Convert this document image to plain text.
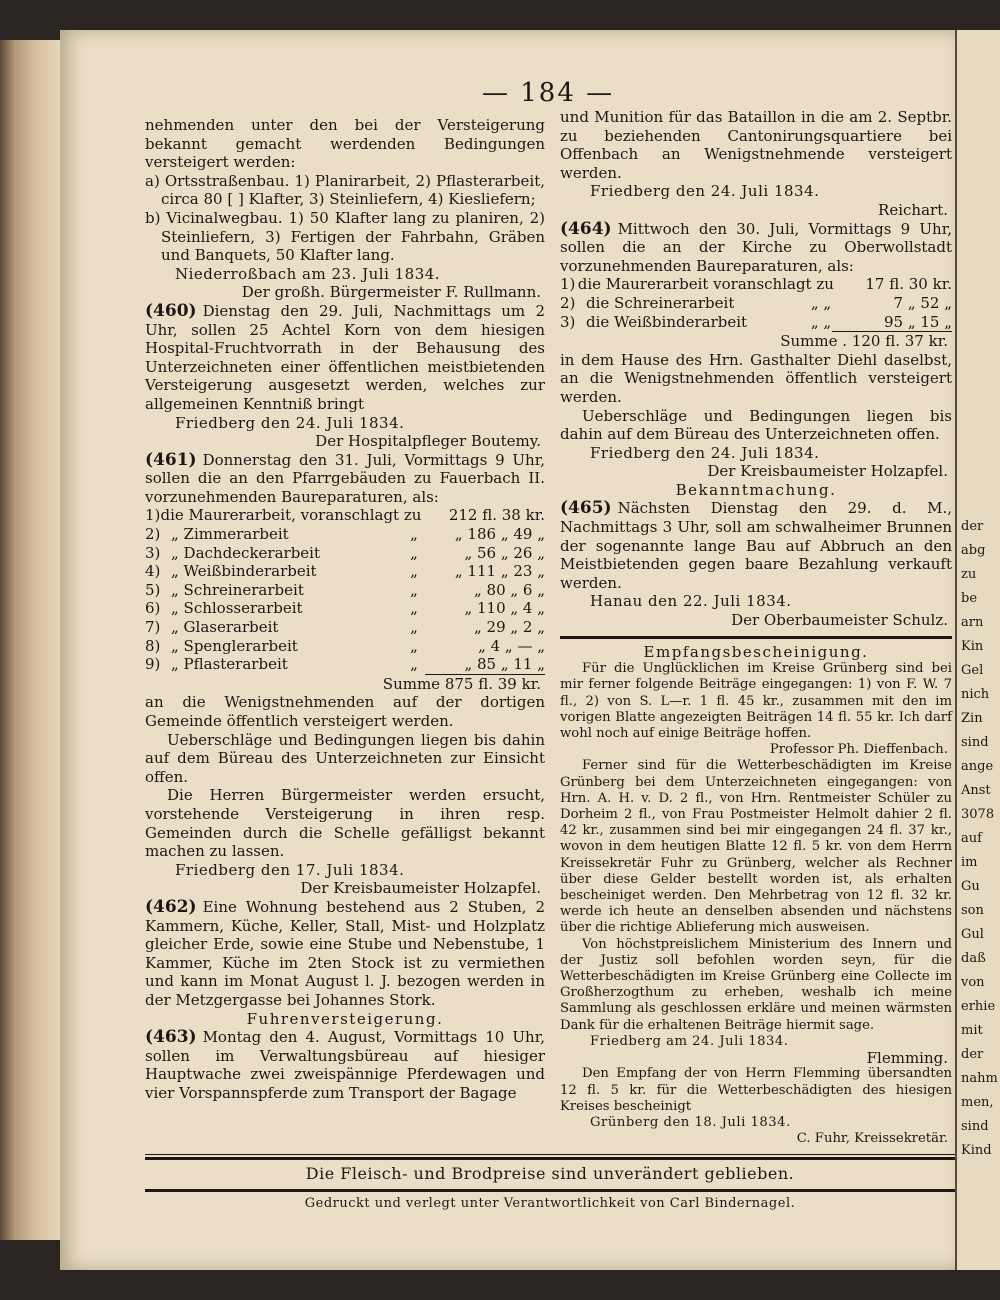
der
abg
zu
be
arn
Kin
Gel
nich
Zin
sind
ange
Anst
3078
auf
im
Gu
son
Gul
daß
von
erhie
mit
der
nahm
men,
sind
Kind
— 184 —

nehmenden unter den bei der Versteigerung bekannt gemacht werdenden Bedingungen versteigert werden:

a) Ortsstraßenbau. 1) Planirarbeit, 2) Pflasterarbeit, circa 80 [ ] Klafter, 3) Steinliefern, 4) Kiesliefern;

b) Vicinalwegbau. 1) 50 Klafter lang zu planiren, 2) Steinliefern, 3) Fertigen der Fahrbahn, Gräben und Banquets, 50 Klafter lang.

Niederroßbach am 23. Juli 1834.

Der großh. Bürgermeister F. Rullmann.

(460) Dienstag den 29. Juli, Nachmittags um 2 Uhr, sollen 25 Achtel Korn von dem hiesigen Hospital-Fruchtvorrath in der Behausung des Unterzeichneten einer öffentlichen meistbietenden Versteigerung ausgesetzt werden, welches zur allgemeinen Kenntniß bringt

Friedberg den 24. Juli 1834.

Der Hospitalpfleger Boutemy.

(461) Donnerstag den 31. Juli, Vormittags 9 Uhr, sollen die an den Pfarrgebäuden zu Fauerbach II. vorzunehmenden Baureparaturen, als:

1) die Maurerarbeit, voranschlagt zu 212 fl. 38 kr.
2) „ Zimmerarbeit	„	„ 186 „ 49 „
3) „ Dachdeckerarbeit	„	„ 56 „ 26 „
4) „ Weißbinderarbeit	„	„ 111 „ 23 „
5) „ Schreinerarbeit	„	„ 80 „ 6 „
6) „ Schlosserarbeit	„	„ 110 „ 4 „
7) „ Glaserarbeit	„	„ 29 „ 2 „
8) „ Spenglerarbeit	„	„ 4 „ — „
9) „ Pflasterarbeit	„	„ 85 „ 11 „

Summe 875 fl. 39 kr.

an die Wenigstnehmenden auf der dortigen Gemeinde öffentlich versteigert werden.

Ueberschläge und Bedingungen liegen bis dahin auf dem Büreau des Unterzeichneten zur Einsicht offen.

Die Herren Bürgermeister werden ersucht, vorstehende Versteigerung in ihren resp. Gemeinden durch die Schelle gefälligst bekannt machen zu lassen.

Friedberg den 17. Juli 1834.

Der Kreisbaumeister Holzapfel.

(462) Eine Wohnung bestehend aus 2 Stuben, 2 Kammern, Küche, Keller, Stall, Mist- und Holzplatz gleicher Erde, sowie eine Stube und Nebenstube, 1 Kammer, Küche im 2ten Stock ist zu vermiethen und kann im Monat August l. J. bezogen werden in der Metzgergasse bei Johannes Stork.

Fuhrenversteigerung.

(463) Montag den 4. August, Vormittags 10 Uhr, sollen im Verwaltungsbüreau auf hiesiger Hauptwache zwei zweispännige Pferdewagen und vier Vorspannspferde zum Transport der Bagage

und Munition für das Bataillon in die am 2. Septbr. zu beziehenden Cantonirungsquartiere bei Offenbach an Wenigstnehmende versteigert werden.

Friedberg den 24. Juli 1834.

Reichart.

(464) Mittwoch den 30. Juli, Vormittags 9 Uhr, sollen die an der Kirche zu Oberwollstadt vorzunehmenden Baureparaturen, als:

1) die Maurerarbeit voranschlagt zu 17 fl. 30 kr.
2) die Schreinerarbeit	„ „	7 „ 52 „
3) die Weißbinderarbeit	„ „	95 „ 15 „

Summe . 120 fl. 37 kr.

in dem Hause des Hrn. Gasthalter Diehl daselbst, an die Wenigstnehmenden öffentlich versteigert werden.

Ueberschläge und Bedingungen liegen bis dahin auf dem Büreau des Unterzeichneten offen.

Friedberg den 24. Juli 1834.

Der Kreisbaumeister Holzapfel.

Bekanntmachung.

(465) Nächsten Dienstag den 29. d. M., Nachmittags 3 Uhr, soll am schwalheimer Brunnen der sogenannte lange Bau auf Abbruch an den Meistbietenden gegen baare Bezahlung verkauft werden.

Hanau den 22. Juli 1834.

Der Oberbaumeister Schulz.

Empfangsbescheinigung.

Für die Unglücklichen im Kreise Grünberg sind bei mir ferner folgende Beiträge eingegangen: 1) von F. W. 7 fl., 2) von S. L—r. 1 fl. 45 kr., zusammen mit den im vorigen Blatte angezeigten Beiträgen 14 fl. 55 kr. Ich darf wohl noch auf einige Beiträge hoffen.

Professor Ph. Dieffenbach.

Ferner sind für die Wetterbeschädigten im Kreise Grünberg bei dem Unterzeichneten eingegangen: von Hrn. A. H. v. D. 2 fl., von Hrn. Rentmeister Schüler zu Dorheim 2 fl., von Frau Postmeister Helmolt dahier 2 fl. 42 kr., zusammen sind bei mir eingegangen 24 fl. 37 kr., wovon in dem heutigen Blatte 12 fl. 5 kr. von dem Herrn Kreissekretär Fuhr zu Grünberg, welcher als Rechner über diese Gelder bestellt worden ist, als erhalten bescheiniget werden. Den Mehrbetrag von 12 fl. 32 kr. werde ich heute an denselben absenden und nächstens über die richtige Ablieferung mich ausweisen.

Von höchstpreislichem Ministerium des Innern und der Justiz soll befohlen worden seyn, für die Wetterbeschädigten im Kreise Grünberg eine Collecte im Großherzogthum zu erheben, weshalb ich meine Sammlung als geschlossen erkläre und meinen wärmsten Dank für die erhaltenen Beiträge hiermit sage.

Friedberg am 24. Juli 1834.

Flemming.

Den Empfang der von Herrn Flemming übersandten 12 fl. 5 kr. für die Wetterbeschädigten des hiesigen Kreises bescheinigt

Grünberg den 18. Juli 1834.

C. Fuhr, Kreissekretär.

Die Fleisch- und Brodpreise sind unverändert geblieben.
Gedruckt und verlegt unter Verantwortlichkeit von Carl Bindernagel.
